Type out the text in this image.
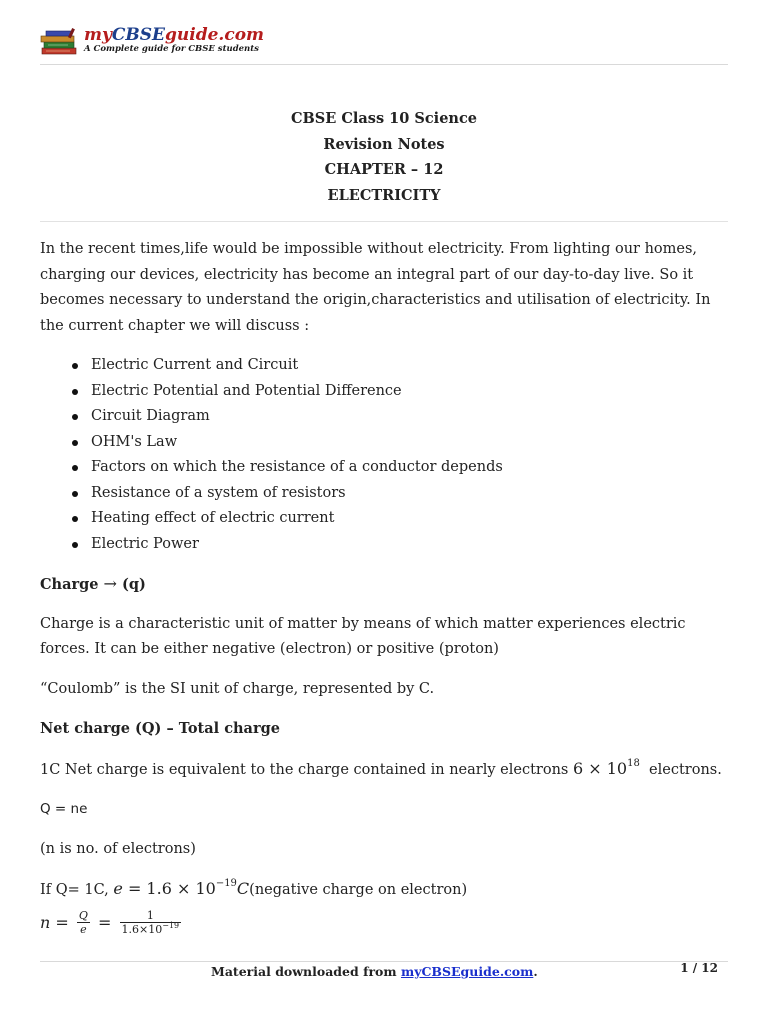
myCBSEguide.com
A Complete guide for CBSE students
CBSE Class 10 Science
Revision Notes
CHAPTER – 12
ELECTRICITY

In the recent times,life would be impossible without electricity. From lighting our homes, charging our devices, electricity has become an integral part of our day-to-day live. So it becomes necessary to understand the origin,characteristics and utilisation of electricity. In the current chapter we will discuss :

Electric Current and Circuit
Electric Potential and Potential Difference
Circuit Diagram
OHM's Law
Factors on which the resistance of a conductor depends
Resistance of a system of resistors
Heating effect of electric current
Electric Power

Charge → (q)

Charge is a characteristic unit of matter by means of which matter experiences electric forces. It can be either negative (electron) or positive (proton)

“Coulomb” is the SI unit of charge, represented by C.

Net charge (Q) – Total charge

1C Net charge is equivalent to the charge contained in nearly electrons $6 \times 10^{18}$ electrons.

Q = ne

(n is no. of electrons)

If Q= 1C, $e = 1.6 \times 10^{-19}C(negative$ charge on electron)

$n = \frac{Q}{e} = \frac{1}{1.6\times 10^{-19}}$

Material downloaded from myCBSEguide.com.	1 / 12
